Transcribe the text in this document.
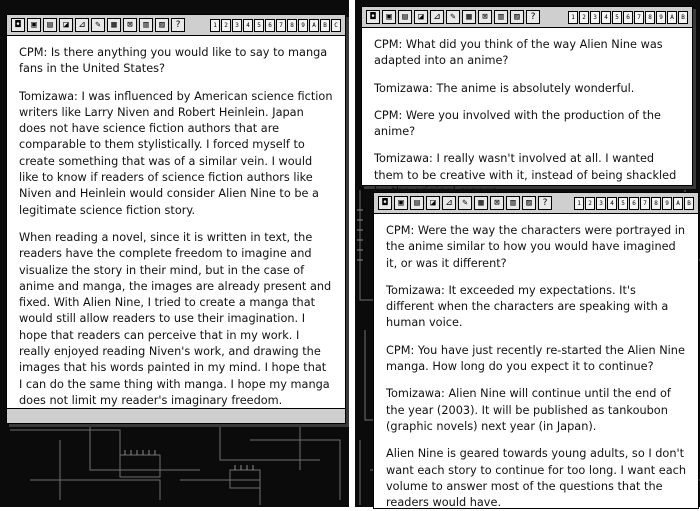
◘	▣	▤	◪	⊿	✎	▦	⊠	▥	▨	?	1	2	3	4	5	6	7	8	9	A	B	C

CPM: Is there anything you would like to say to manga fans in the United States?

Tomizawa: I was influenced by American science fiction writers like Larry Niven and Robert Heinlein. Japan does not have science fiction authors that are comparable to them stylistically. I forced myself to create something that was of a similar vein. I would like to know if readers of science fiction authors like Niven and Heinlein would consider Alien Nine to be a legitimate science fiction story.

When reading a novel, since it is written in text, the readers have the complete freedom to imagine and visualize the story in their mind, but in the case of anime and manga, the images are already present and fixed. With Alien Nine, I tried to create a manga that would still allow readers to use their imagination. I hope that readers can perceive that in my work. I really enjoyed reading Niven's work, and drawing the images that his words painted in my mind. I hope that I can do the same thing with manga. I hope my manga does not limit my reader's imaginary freedom.

◘	▣	▤	◪	⊿	✎	▦	⊠	▥	▨	?	1	2	3	4	5	6	7	8	9	A	B

CPM: What did you think of the way Alien Nine was adapted into an anime?

Tomizawa: The anime is absolutely wonderful.

CPM: Were you involved with the production of the anime?

Tomizawa: I really wasn't involved at all. I wanted them to be creative with it, instead of being shackled

◘	▣	▤	◪	⊿	✎	▦	⊠	▥	▨	?	1	2	3	4	5	6	7	8	9	A	B

CPM: Were the way the characters were portrayed in the anime similar to how you would have imagined it, or was it different?

Tomizawa: It exceeded my expectations. It's different when the characters are speaking with a human voice.

CPM: You have just recently re-started the Alien Nine manga. How long do you expect it to continue?

Tomizawa: Alien Nine will continue until the end of the year (2003). It will be published as tankoubon (graphic novels) next year (in Japan).

Alien Nine is geared towards young adults, so I don't want each story to continue for too long. I want each volume to answer most of the questions that the readers would have.
